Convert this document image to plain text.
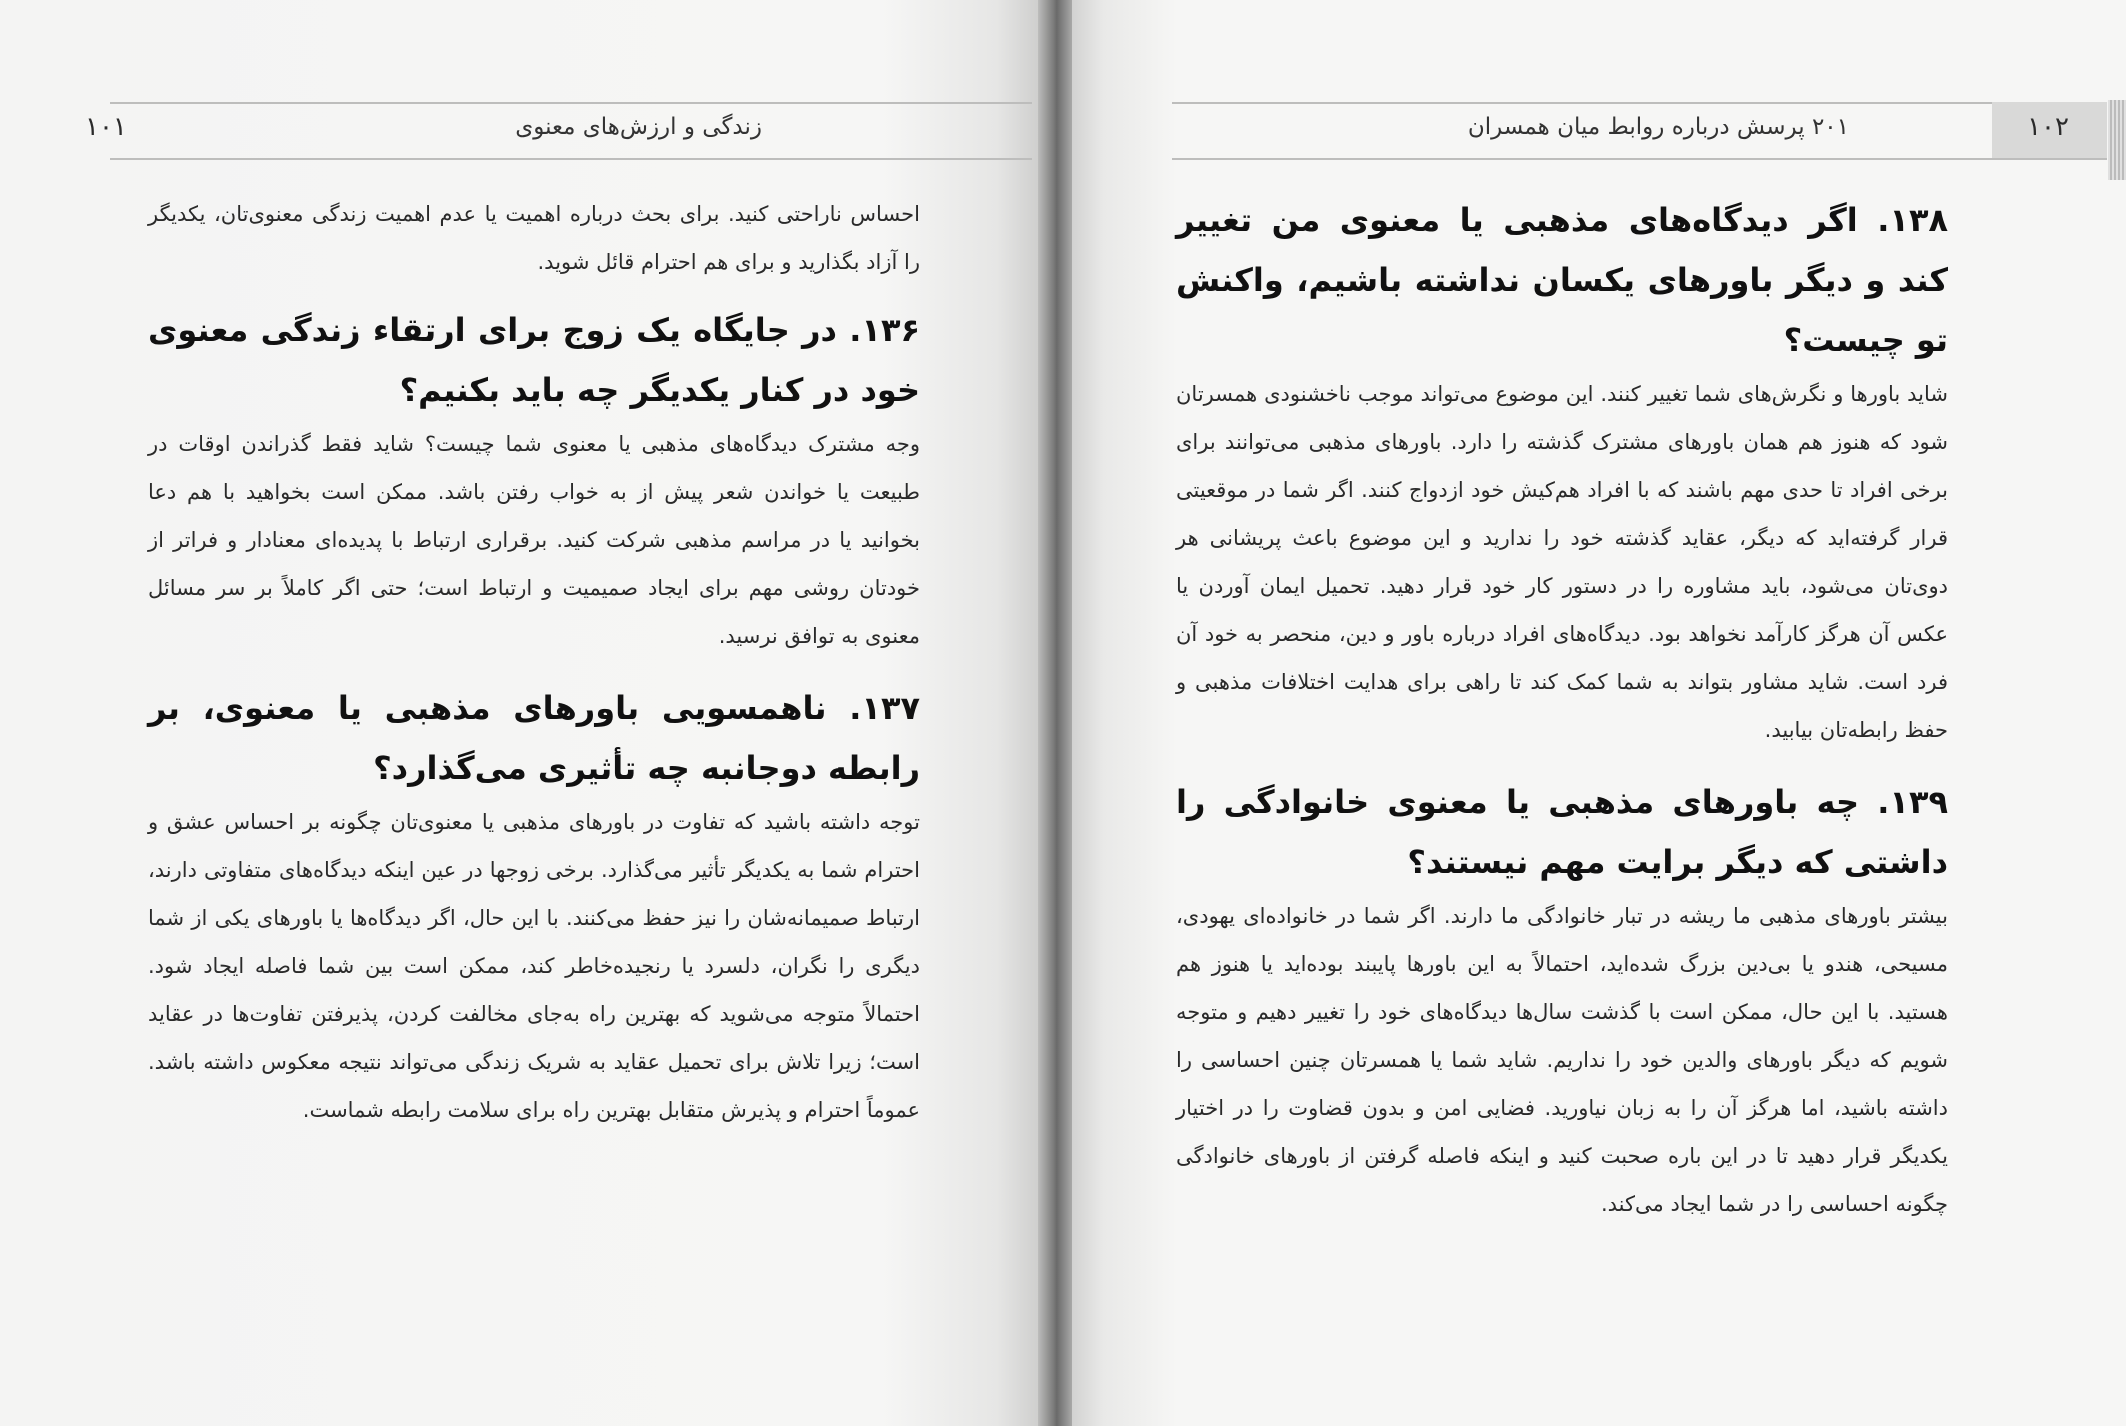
زندگی و ارزش‌های معنوی
۱۰۱

احساس ناراحتی کنید. برای بحث درباره اهمیت یا عدم اهمیت زندگی معنوی‌تان، یکدیگر را آزاد بگذارید و برای هم احترام قائل شوید.

۱۳۶. در جایگاه یک زوج برای ارتقاء زندگی معنوی خود در کنار یکدیگر چه باید بکنیم؟

وجه مشترک دیدگاه‌های مذهبی یا معنوی شما چیست؟ شاید فقط گذراندن اوقات در طبیعت یا خواندن شعر پیش از به خواب رفتن باشد. ممکن است بخواهید با هم دعا بخوانید یا در مراسم مذهبی شرکت کنید. برقراری ارتباط با پدیده‌ای معنادار و فراتر از خودتان روشی مهم برای ایجاد صمیمیت و ارتباط است؛ حتی اگر کاملاً بر سر مسائل معنوی به توافق نرسید.

۱۳۷. ناهمسویی باورهای مذهبی یا معنوی، بر رابطه دوجانبه چه تأثیری می‌گذارد؟

توجه داشته باشید که تفاوت در باورهای مذهبی یا معنوی‌تان چگونه بر احساس عشق و احترام شما به یکدیگر تأثیر می‌گذارد. برخی زوجها در عین اینکه دیدگاه‌های متفاوتی دارند، ارتباط صمیمانه‌شان را نیز حفظ می‌کنند. با این حال، اگر دیدگاه‌ها یا باورهای یکی از شما دیگری را نگران، دلسرد یا رنجیده‌خاطر کند، ممکن است بین شما فاصله ایجاد شود. احتمالاً متوجه می‌شوید که بهترین راه به‌جای مخالفت کردن، پذیرفتن تفاوت‌ها در عقاید است؛ زیرا تلاش برای تحمیل عقاید به شریک زندگی می‌تواند نتیجه معکوس داشته باشد. عموماً احترام و پذیرش متقابل بهترین راه برای سلامت رابطه شماست.

۱۰۲
۲۰۱ پرسش درباره روابط میان همسران
۱۳۸. اگر دیدگاه‌های مذهبی یا معنوی من تغییر کند و دیگر باورهای یکسان نداشته باشیم، واکنش تو چیست؟

شاید باورها و نگرش‌های شما تغییر کنند. این موضوع می‌تواند موجب ناخشنودی همسرتان شود که هنوز هم همان باورهای مشترک گذشته را دارد. باورهای مذهبی می‌توانند برای برخی افراد تا حدی مهم باشند که با افراد هم‌کیش خود ازدواج کنند. اگر شما در موقعیتی قرار گرفته‌اید که دیگر، عقاید گذشته خود را ندارید و این موضوع باعث پریشانی هر دوی‌تان می‌شود، باید مشاوره را در دستور کار خود قرار دهید. تحمیل ایمان آوردن یا عکس آن هرگز کارآمد نخواهد بود. دیدگاه‌های افراد درباره باور و دین، منحصر به خود آن فرد است. شاید مشاور بتواند به شما کمک کند تا راهی برای هدایت اختلافات مذهبی و حفظ رابطه‌تان بیابید.

۱۳۹. چه باورهای مذهبی یا معنوی خانوادگی را داشتی که دیگر برایت مهم نیستند؟

بیشتر باورهای مذهبی ما ریشه در تبار خانوادگی ما دارند. اگر شما در خانواده‌ای یهودی، مسیحی، هندو یا بی‌دین بزرگ شده‌اید، احتمالاً به این باورها پایبند بوده‌اید یا هنوز هم هستید. با این حال، ممکن است با گذشت سال‌ها دیدگاه‌های خود را تغییر دهیم و متوجه شویم که دیگر باورهای والدین خود را نداریم. شاید شما یا همسرتان چنین احساسی را داشته باشید، اما هرگز آن را به زبان نیاورید. فضایی امن و بدون قضاوت را در اختیار یکدیگر قرار دهید تا در این باره صحبت کنید و اینکه فاصله گرفتن از باورهای خانوادگی چگونه احساسی را در شما ایجاد می‌کند.
